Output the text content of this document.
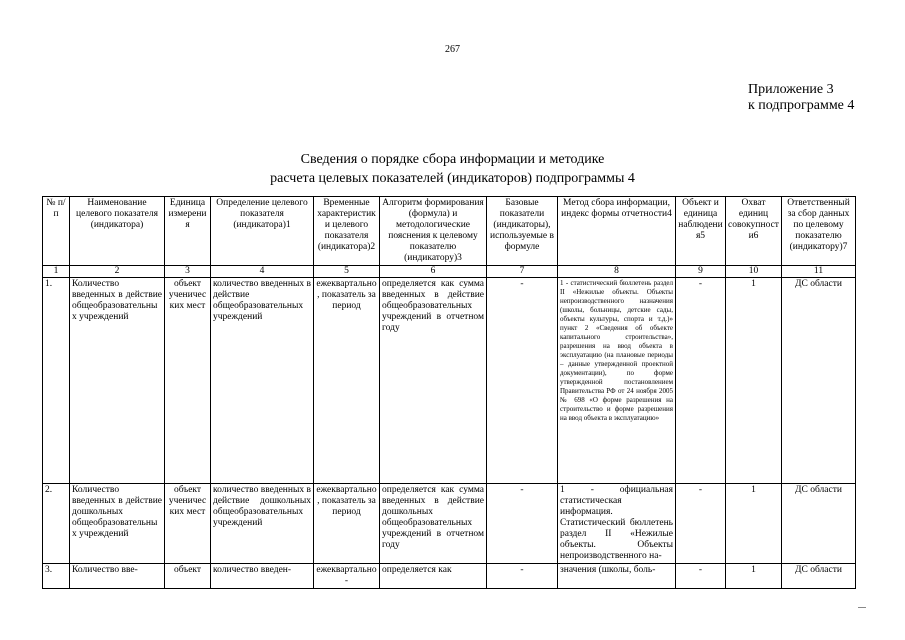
267
Приложение 3
к подпрограмме 4
Сведения о порядке сбора информации и методике
расчета целевых показателей (индикаторов) подпрограммы 4
№ п/п	Наименование целевого показателя (индикатора)	Единица измерения	Определение целевого показателя (индикатора)1	Временные характеристики целевого показателя (индикатора)2	Алгоритм формирования (формула) и методологические пояснения к целевому показателю (индикатору)3	Базовые показатели (индикаторы), используемые в формуле	Метод сбора информации, индекс формы отчетности4	Объект и единица наблюдения5	Охват единиц совокупности6	Ответственный за сбор данных по целевому показателю (индикатору)7
1	2	3	4	5	6	7	8	9	10	11
1.	Количество введенных в действие общеобразовательных учреждений	объект ученических мест	количество введенных в действие общеобразовательных учреждений	ежеквартально, показатель за период	определяется как сумма введенных в действие общеобразовательных учреждений в отчетном году	-	1 - статистический бюллетень раздел II «Нежилые объекты. Объекты непроизводственного назначения (школы, больницы, детские сады, объекты культуры, спорта и т.д.)» пункт 2 «Сведения об объекте капитального строительства», разрешения на ввод объекта в эксплуатацию (на плановые периоды – данные утвержденной проектной документации), по форме утвержденной постановлением Правительства РФ от 24 ноября 2005 № 698 «О форме разрешения на строительство и форме разрешения на ввод объекта в эксплуатацию»	-	1	ДС области
2.	Количество введенных в действие дошкольных общеобразовательных учреждений	объект ученических мест	количество введенных в действие дошкольных общеобразовательных учреждений	ежеквартально, показатель за период	определяется как сумма введенных в действие дошкольных общеобразовательных учреждений в отчетном году	-	1 - официальная статистическая информация. Статистический бюллетень раздел II «Нежилые объекты. Объекты непроизводственного на-	-	1	ДС области
3.	Количество вве-	объект	количество введен-	ежеквартально-	определяется как	-	значения (школы, боль-	-	1	ДС области
